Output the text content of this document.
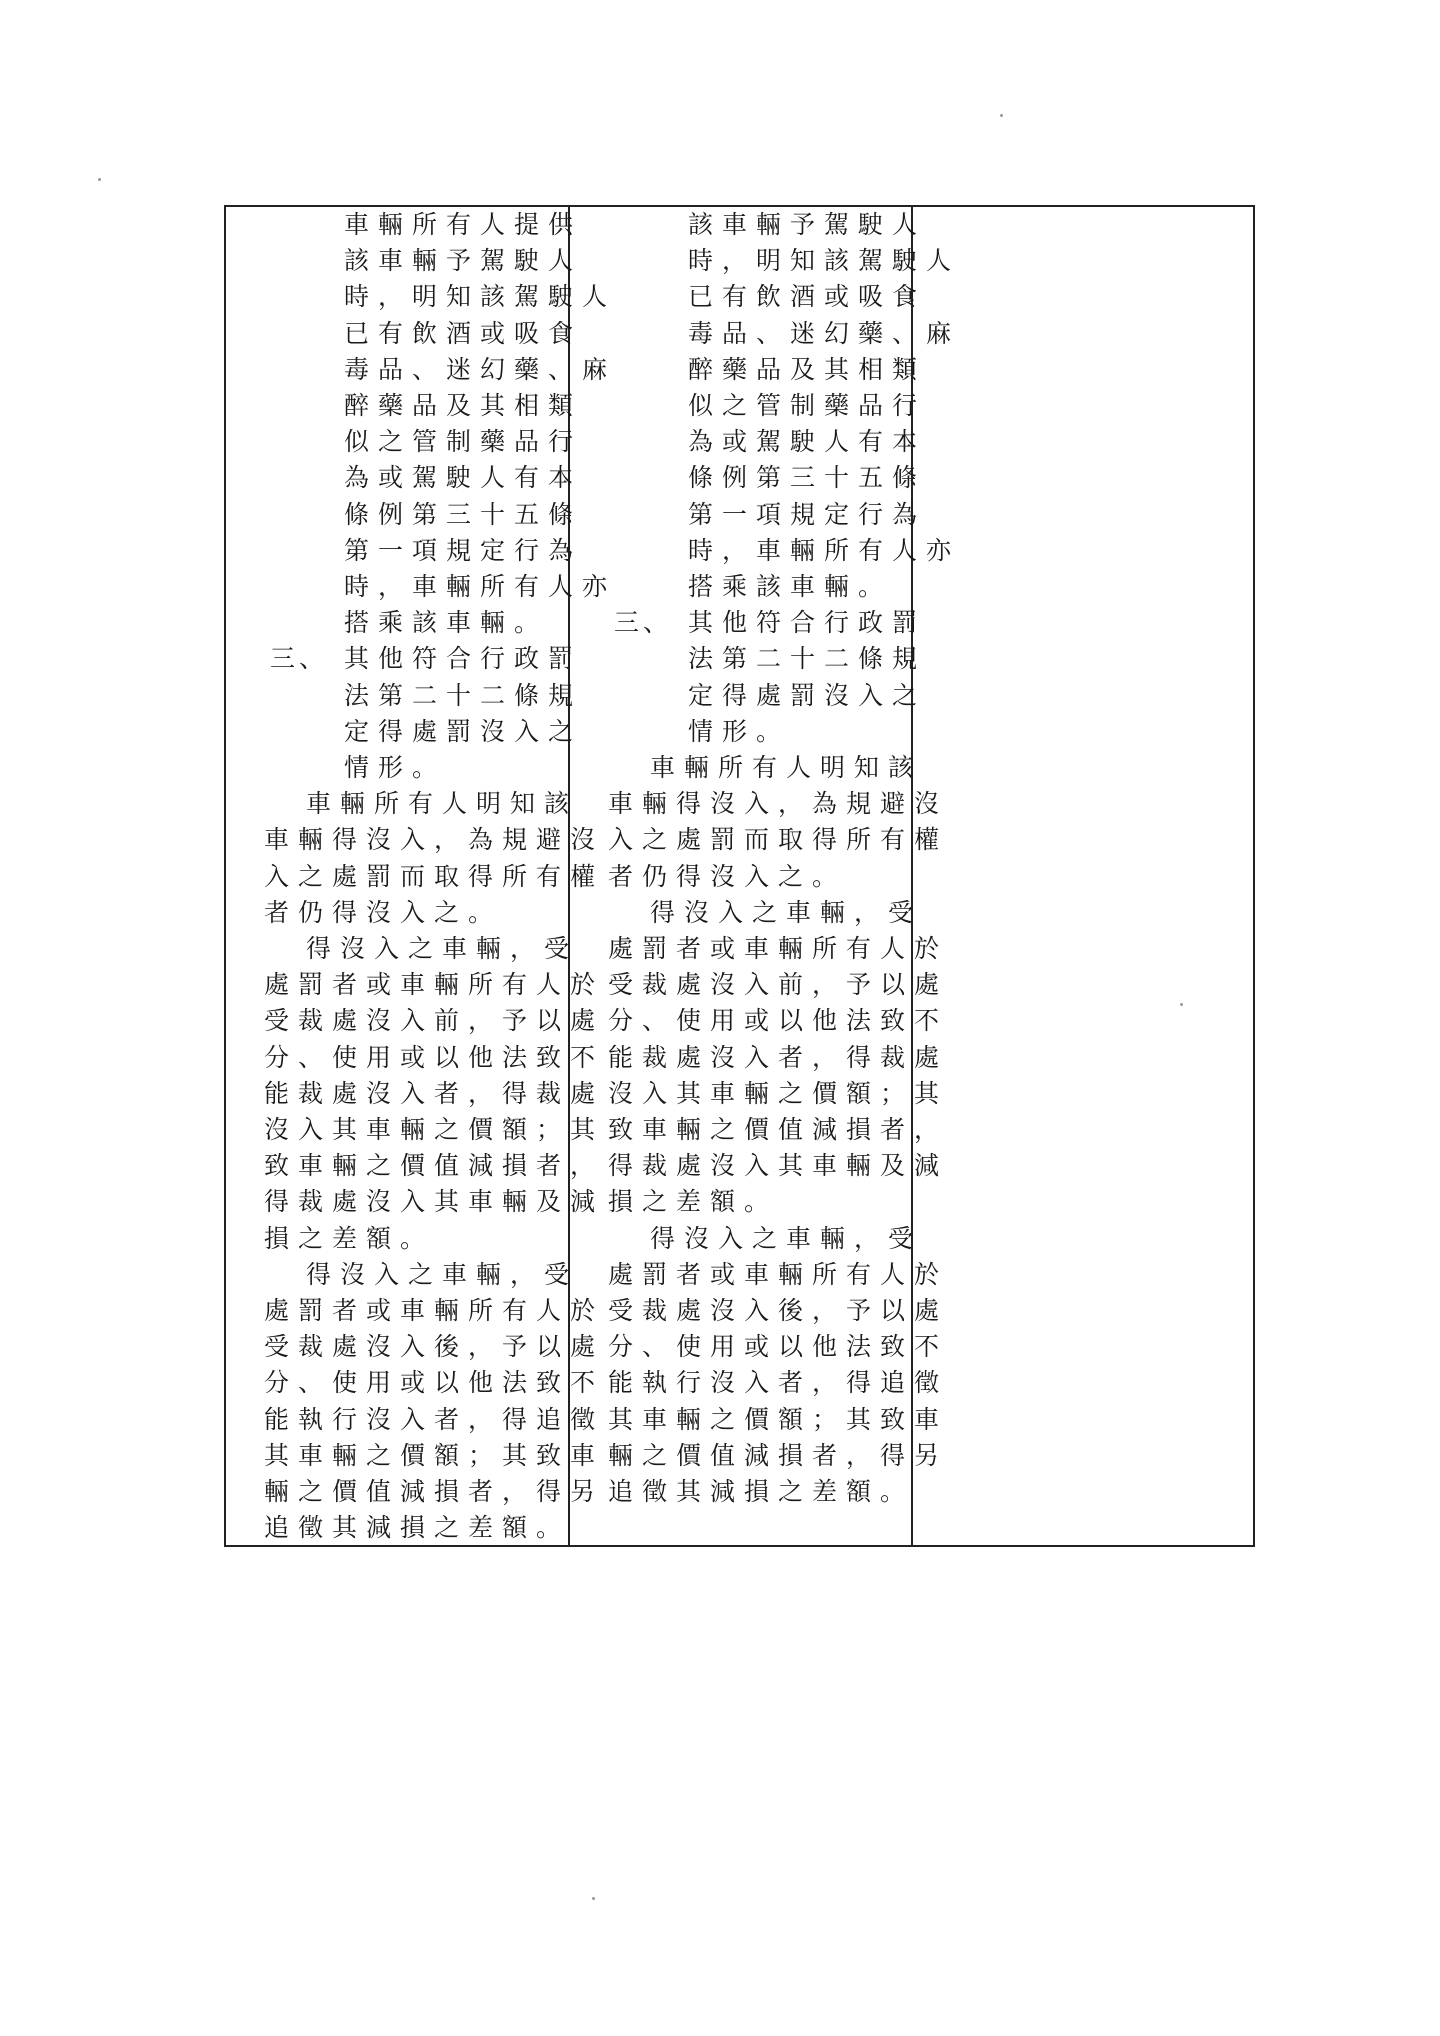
車輛所有人提供
該車輛予駕駛人
時，明知該駕駛人
已有飲酒或吸食
毒品、迷幻藥、麻
醉藥品及其相類
似之管制藥品行
為或駕駛人有本
條例第三十五條
第一項規定行為
時，車輛所有人亦
搭乘該車輛。
三、 其他符合行政罰
法第二十二條規
定得處罰沒入之
情形。
車輛所有人明知該
車輛得沒入，為規避沒
入之處罰而取得所有權
者仍得沒入之。
得沒入之車輛，受
處罰者或車輛所有人於
受裁處沒入前，予以處
分、使用或以他法致不
能裁處沒入者，得裁處
沒入其車輛之價額；其
致車輛之價值減損者，
得裁處沒入其車輛及減
損之差額。
得沒入之車輛，受
處罰者或車輛所有人於
受裁處沒入後，予以處
分、使用或以他法致不
能執行沒入者，得追徵
其車輛之價額；其致車
輛之價值減損者，得另
追徵其減損之差額。
該車輛予駕駛人
時，明知該駕駛人
已有飲酒或吸食
毒品、迷幻藥、麻
醉藥品及其相類
似之管制藥品行
為或駕駛人有本
條例第三十五條
第一項規定行為
時，車輛所有人亦
搭乘該車輛。
三、 其他符合行政罰
法第二十二條規
定得處罰沒入之
情形。
車輛所有人明知該
車輛得沒入，為規避沒
入之處罰而取得所有權
者仍得沒入之。
得沒入之車輛，受
處罰者或車輛所有人於
受裁處沒入前，予以處
分、使用或以他法致不
能裁處沒入者，得裁處
沒入其車輛之價額；其
致車輛之價值減損者，
得裁處沒入其車輛及減
損之差額。
得沒入之車輛，受
處罰者或車輛所有人於
受裁處沒入後，予以處
分、使用或以他法致不
能執行沒入者，得追徵
其車輛之價額；其致車
輛之價值減損者，得另
追徵其減損之差額。
